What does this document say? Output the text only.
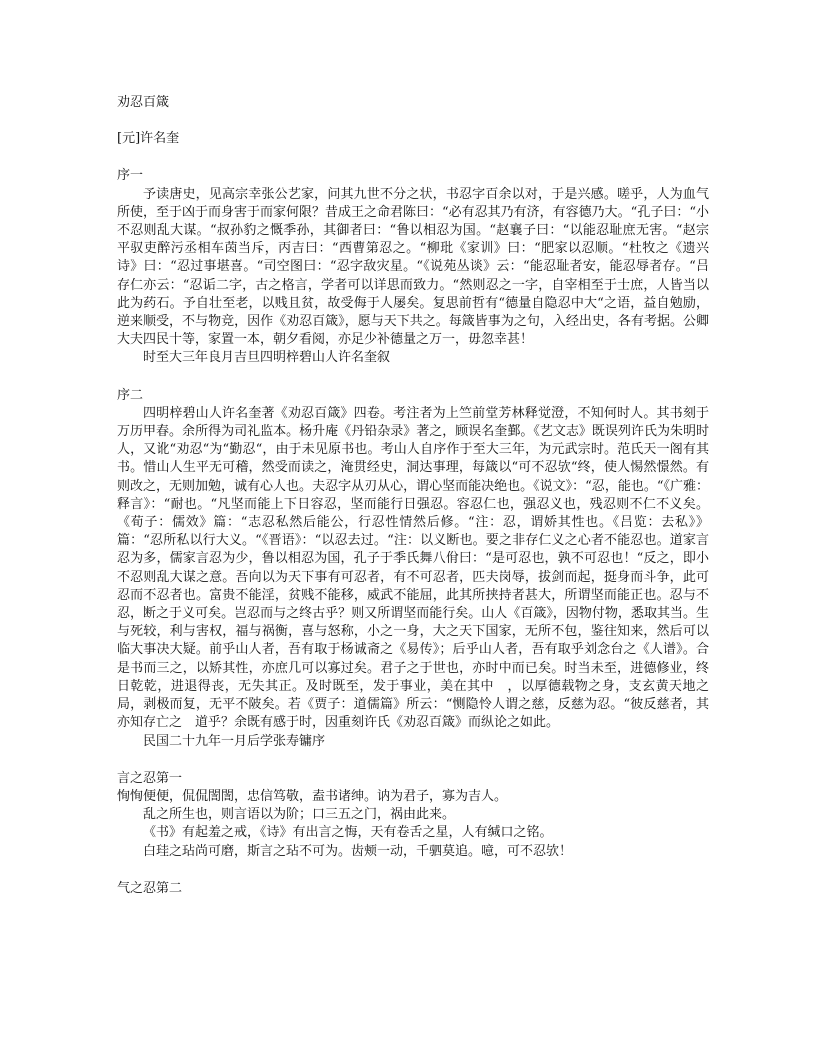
劝忍百箴

[元]许名奎

序一

予读唐史，见高宗幸张公艺家，问其九世不分之状，书忍字百余以对，于是兴感。嗟乎，人为血气所使，至于凶于而身害于而家何限？昔成王之命君陈曰：“必有忍其乃有济，有容德乃大。“孔子曰：“小不忍则乱大谋。“叔孙豹之慨季孙，其御者曰：“鲁以相忍为国。“赵襄子曰：“以能忍耻庶无害。“赵宗平驭吏醉污丞相车茵当斥，丙吉曰：“西曹第忍之。“柳玭《家训》曰：“肥家以忍顺。“杜牧之《遗兴诗》曰：“忍过事堪喜。“司空图曰：“忍字敌灾星。“《说苑丛谈》云：“能忍耻者安，能忍辱者存。“吕存仁亦云：“忍诟二字，古之格言，学者可以详思而致力。“然则忍之一字，自宰相至于士庶，人皆当以此为药石。予自壮至老，以贱且贫，故受侮于人屡矣。复思前哲有“德量自隐忍中大“之语，益自勉励，逆来顺受，不与物竞，因作《劝忍百箴》，愿与天下共之。每箴皆事为之句，入经出史，各有考据。公卿大夫四民十等，家置一本，朝夕看阅，亦足少补德量之万一，毋忽幸甚！

时至大三年良月吉旦四明梓碧山人许名奎叙

序二

四明梓碧山人许名奎著《劝忍百箴》四卷。考注者为上竺前堂芳林释觉澄，不知何时人。其书刻于万历甲春。余所得为司礼监本。杨升庵《丹铅杂录》著之，顾误名奎鄞。《艺文志》既误列许氏为朱明时人，又讹“劝忍“为“勤忍“，由于未见原书也。考山人自序作于至大三年，为元武宗时。范氏天一阁有其书。惜山人生平无可稽，然受而读之，淹贯经史，洞达事理，每箴以“可不忍欤“终，使人惕然憬然。有则改之，无则加勉，诚有心人也。夫忍字从刃从心，谓心坚而能决绝也。《说文》：“忍，能也。“《广雅：释言》：“耐也。“凡坚而能上下日容忍，坚而能行日强忍。容忍仁也，强忍义也，残忍则不仁不义矣。《荀子：儒效》篇：“志忍私然后能公，行忍性情然后修。“注：忍，谓娇其性也。《吕览：去私》》篇：“忍所私以行大义。“《晋语》：“以忍去过。“注：以义断也。要之非存仁义之心者不能忍也。道家言忍为多，儒家言忍为少，鲁以相忍为国，孔子于季氏舞八佾曰：“是可忍也，孰不可忍也！“反之，即小不忍则乱大谋之意。吾向以为天下事有可忍者，有不可忍者，匹夫岗辱，拔剑而起，挺身而斗争，此可忍而不忍者也。富贵不能淫，贫贱不能移，威武不能屈，此其所挟持者甚大，所谓坚而能正也。忍与不忍，断之于义可矣。岂忍而与之终古乎？则又所谓坚而能行矣。山人《百箴》，因物付物，悉取其当。生与死较，利与害权，福与祸衡，喜与怒称，小之一身，大之天下国家，无所不包，鉴往知来，然后可以临大事决大疑。前乎山人者，吾有取于杨诚斋之《易传》；后乎山人者，吾有取乎刘念台之《人谱》。合是书而三之，以矫其性，亦庶几可以寡过矣。君子之于世也，亦时中而已矣。时当未至，进德修业，终日乾乾，进退得丧，无失其正。及时既至，发于事业，美在其中　，以厚德载物之身，支玄黄天地之局，剥极而复，无平不陂矣。若《贾子：道儒篇》所云：“恻隐怜人谓之慈，反慈为忍。“彼反慈者，其亦知存亡之　道乎？余既有感于时，因重刻许氏《劝忍百箴》而纵论之如此。

民国二十九年一月后学张寿镛序

言之忍第一

恂恂便便，侃侃誾誾，忠信笃敬，盍书诸绅。讷为君子，寡为吉人。

乱之所生也，则言语以为阶；口三五之门，祸由此来。

《书》有起羞之戒，《诗》有出言之悔，天有卷舌之星，人有缄口之铭。

白珪之玷尚可磨，斯言之玷不可为。齿颊一动，千驷莫追。噫，可不忍欤！

气之忍第二
